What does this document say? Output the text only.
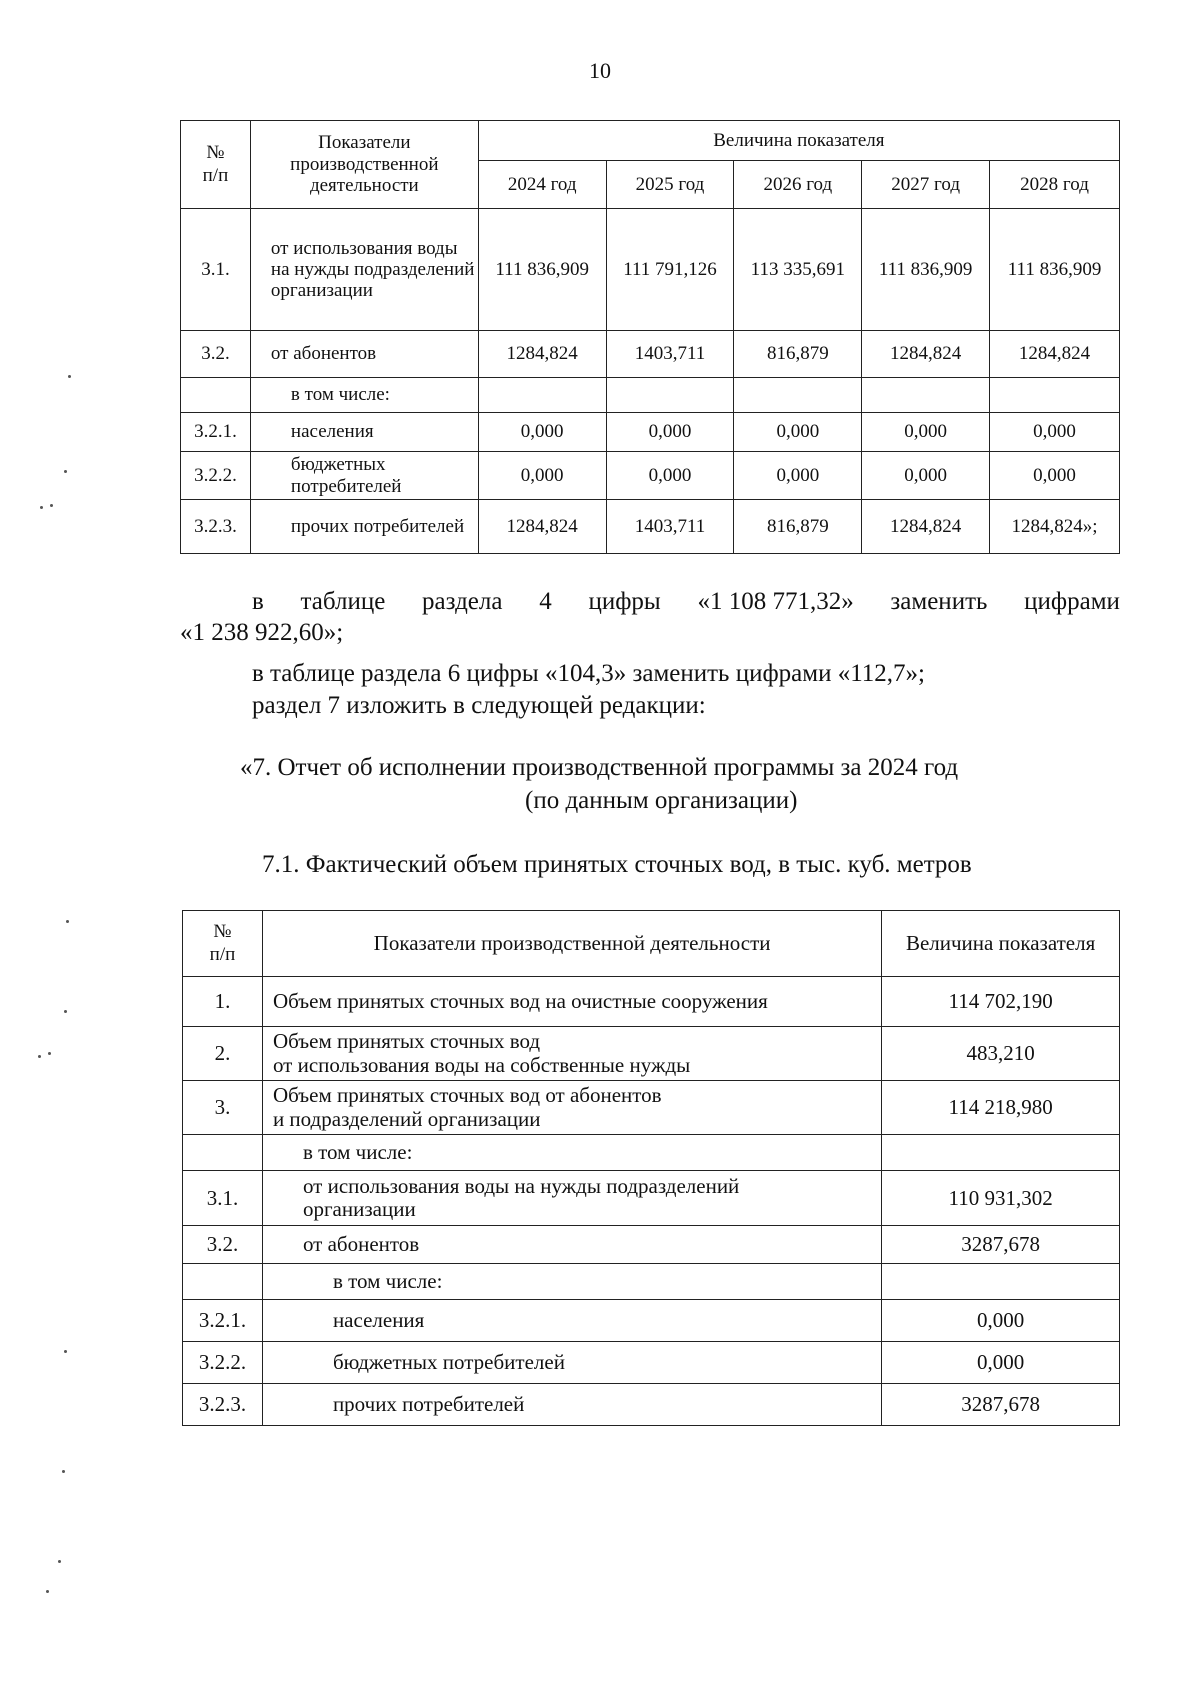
10
№
п/п	Показатели производственной деятельности	Величина показателя				
		2024 год	2025 год	2026 год	2027 год	2028 год
3.1.	от использования воды на нужды подразделений организации	111 836,909	111 791,126	113 335,691	111 836,909	111 836,909
3.2.	от абонентов	1284,824	1403,711	816,879	1284,824	1284,824
	в том числе:					
3.2.1.	населения	0,000	0,000	0,000	0,000	0,000
3.2.2.	бюджетных потребителей	0,000	0,000	0,000	0,000	0,000
3.2.3.	прочих потребителей	1284,824	1403,711	816,879	1284,824	1284,824»;
в таблице раздела 4 цифры «1 108 771,32» заменить цифрами
«1 238 922,60»;
в таблице раздела 6 цифры «104,3» заменить цифрами «112,7»;
раздел 7 изложить в следующей редакции:
«7. Отчет об исполнении производственной программы за 2024 год
(по данным организации)
7.1. Фактический объем принятых сточных вод, в тыс. куб. метров
№
п/п	Показатели производственной деятельности	Величина показателя
1.	Объем принятых сточных вод на очистные сооружения	114 702,190
2.	Объем принятых сточных вод
от использования воды на собственные нужды	483,210
3.	Объем принятых сточных вод от абонентов
и подразделений организации	114 218,980
	в том числе:	
3.1.	от использования воды на нужды подразделений
организации	110 931,302
3.2.	от абонентов	3287,678
	в том числе:	
3.2.1.	населения	0,000
3.2.2.	бюджетных потребителей	0,000
3.2.3.	прочих потребителей	3287,678
